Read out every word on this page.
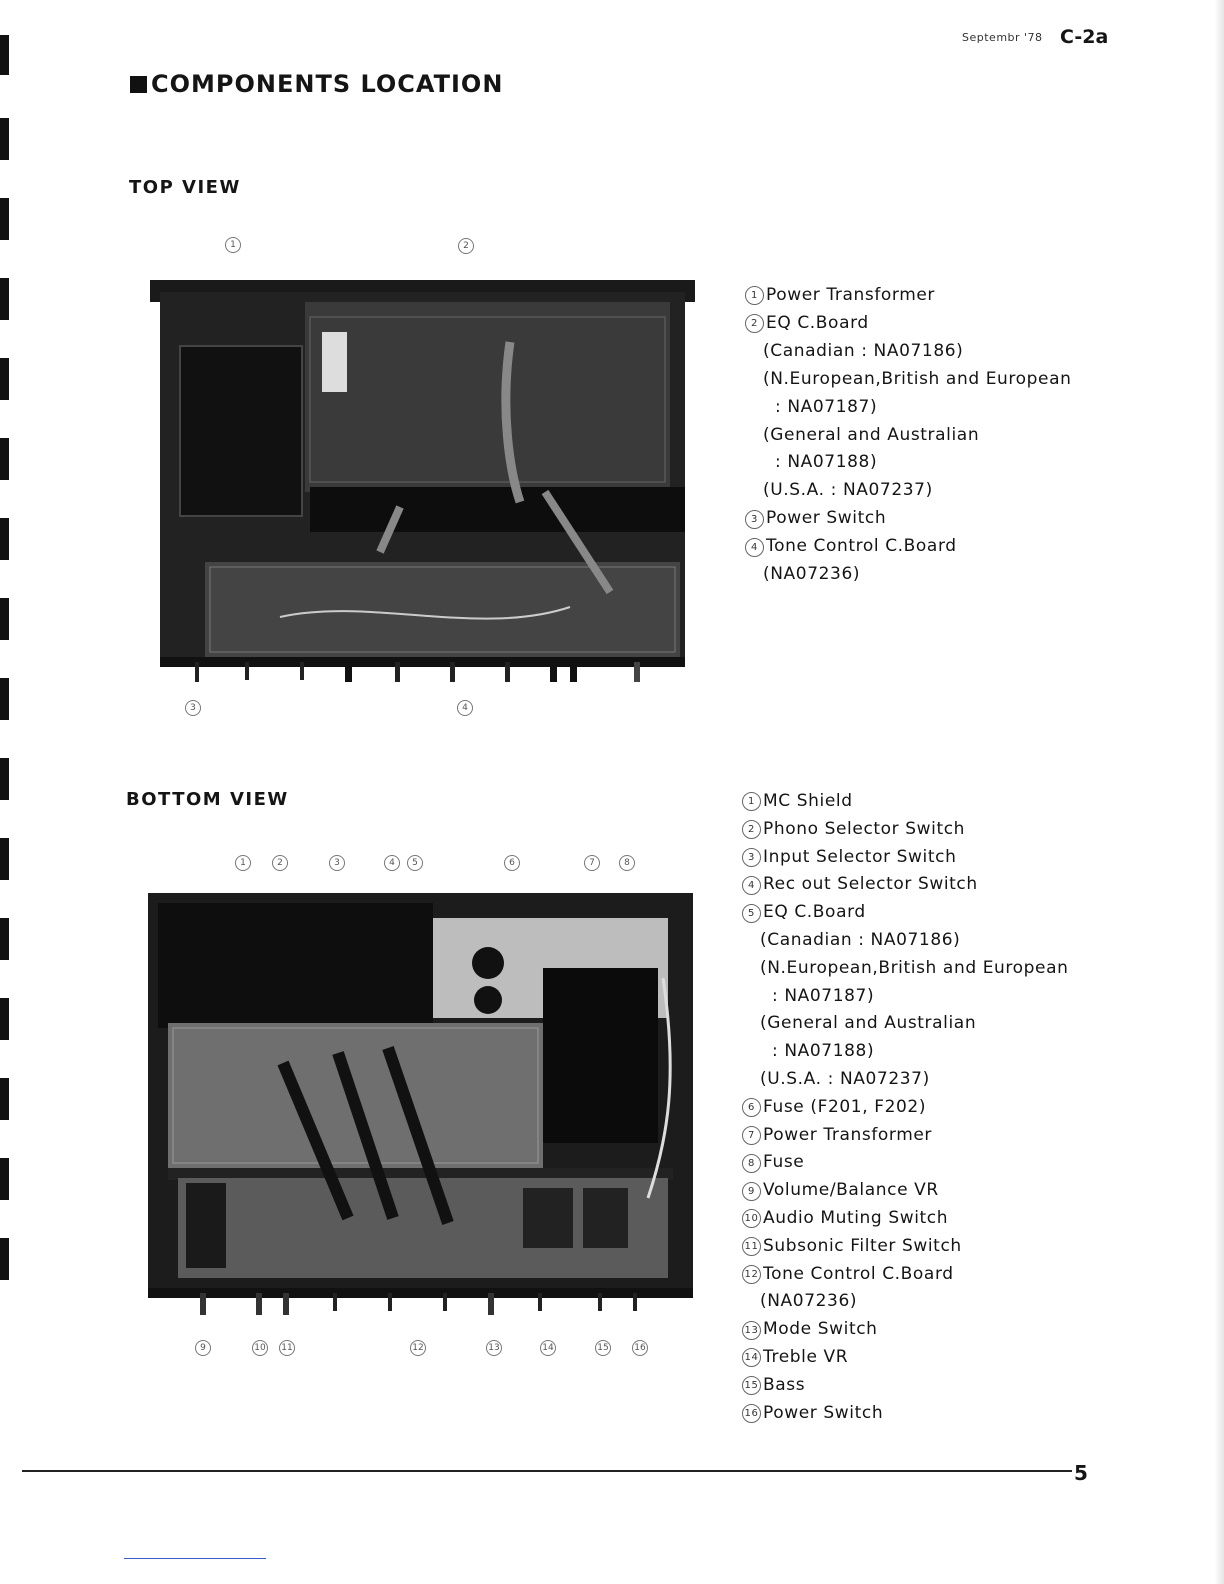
Septembr '78 C-2a
COMPONENTS LOCATION
TOP VIEW
1	2
3	4
1 Power Transformer
2 EQ C.Board
(Canadian : NA07186)
(N.European,British and European
: NA07187)
(General and Australian
: NA07188)
(U.S.A. : NA07237)
3 Power Switch
4 Tone Control C.Board
(NA07236)
BOTTOM VIEW
1	2	3	4	5	6	7	8
9	10 11	12	13	14	15	16
1 MC Shield
2 Phono Selector Switch
3 Input Selector Switch
4 Rec out Selector Switch
5 EQ C.Board
(Canadian : NA07186)
(N.European,British and European
: NA07187)
(General and Australian
: NA07188)
(U.S.A. : NA07237)
6 Fuse (F201, F202)
7 Power Transformer
8 Fuse
9 Volume/Balance VR
10 Audio Muting Switch
11 Subsonic Filter Switch
12 Tone Control C.Board
(NA07236)
13 Mode Switch
14 Treble VR
15 Bass
16 Power Switch
5
